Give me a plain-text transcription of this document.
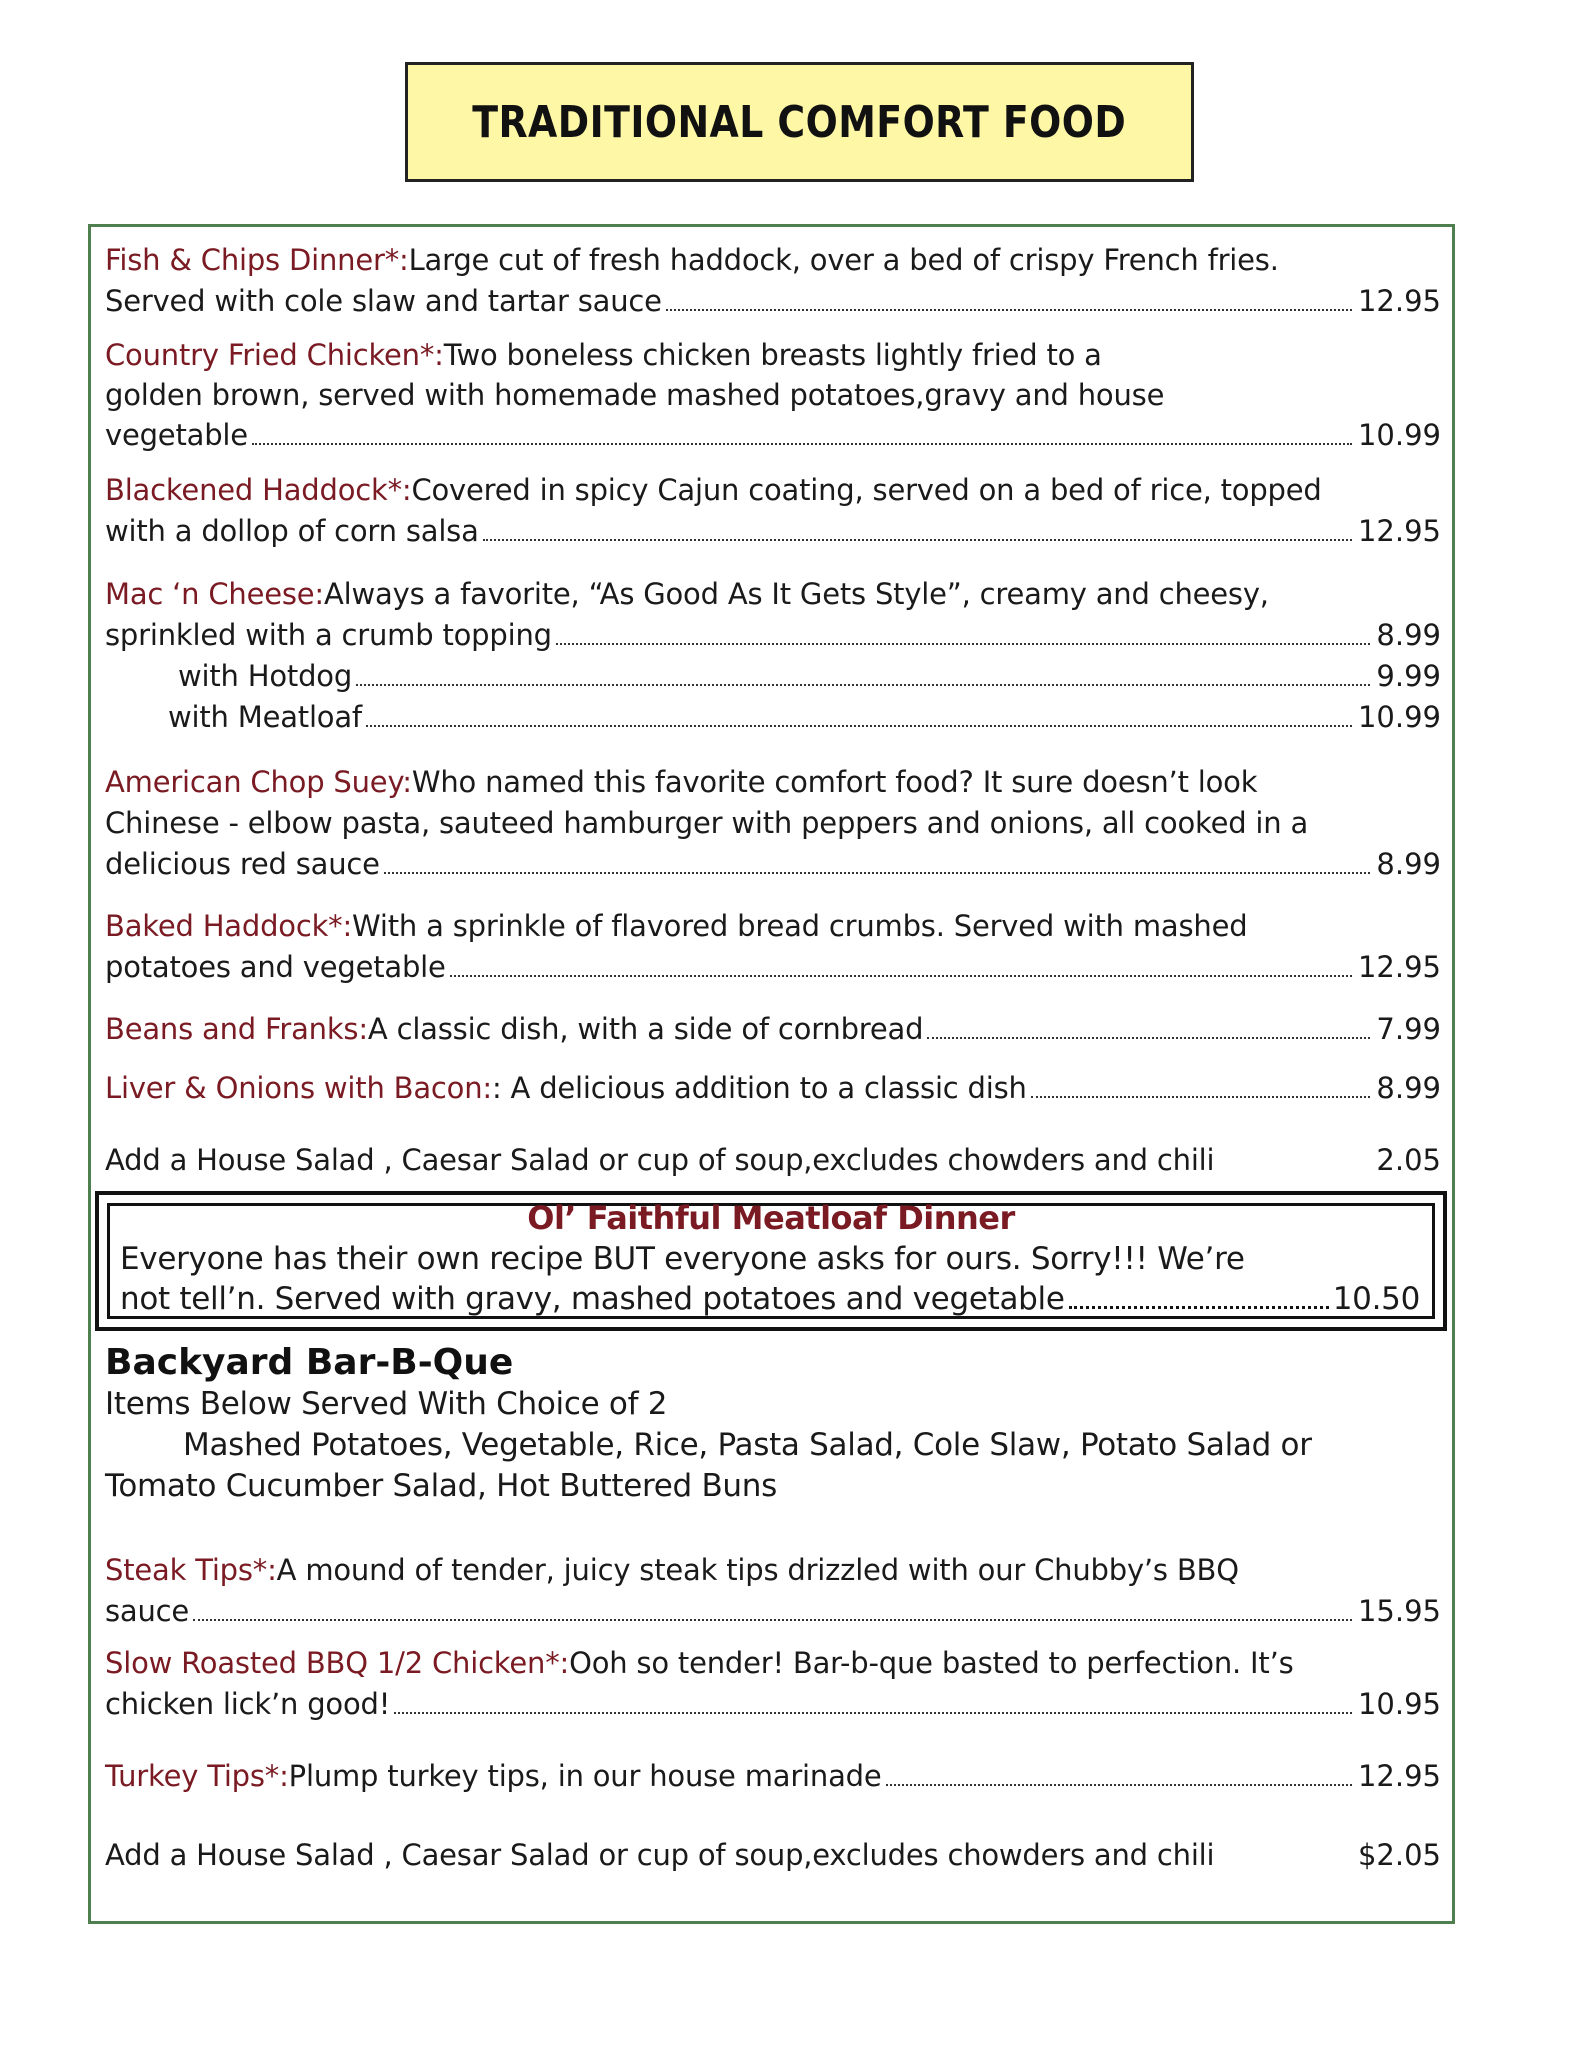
TRADITIONAL COMFORT FOOD
Fish & Chips Dinner*: Large cut of fresh haddock, over a bed of crispy French fries.
Served with cole slaw and tartar sauce	12.95
Country Fried Chicken*: Two boneless chicken breasts lightly fried to a
golden brown, served with homemade mashed potatoes,gravy and house
vegetable	10.99
Blackened Haddock*: Covered in spicy Cajun coating, served on a bed of rice, topped
with a dollop of corn salsa	12.95
Mac ‘n Cheese: Always a favorite, “As Good As It Gets Style”, creamy and cheesy,
sprinkled with a crumb topping	8.99
with Hotdog	9.99
with Meatloaf	10.99
American Chop Suey: Who named this favorite comfort food? It sure doesn’t look
Chinese - elbow pasta, sauteed hamburger with peppers and onions, all cooked in a
delicious red sauce	8.99
Baked Haddock*: With a sprinkle of flavored bread crumbs. Served with mashed
potatoes and vegetable	12.95
Beans and Franks: A classic dish, with a side of cornbread	7.99
Liver & Onions with Bacon: : A delicious addition to a classic dish	8.99
Add a House Salad , Caesar Salad or cup of soup,excludes chowders and chili	2.05
Ol’ Faithful Meatloaf Dinner
Everyone has their own recipe BUT everyone asks for ours. Sorry!!! We’re
not tell’n. Served with gravy, mashed potatoes and vegetable	10.50
Backyard Bar-B-Que
Items Below Served With Choice of 2
Mashed Potatoes, Vegetable, Rice, Pasta Salad, Cole Slaw, Potato Salad or
Tomato Cucumber Salad, Hot Buttered Buns
Steak Tips*: A mound of tender, juicy steak tips drizzled with our Chubby’s BBQ
sauce	15.95
Slow Roasted BBQ 1/2 Chicken*: Ooh so tender! Bar-b-que basted to perfection. It’s
chicken lick’n good!	10.95
Turkey Tips*: Plump turkey tips, in our house marinade	12.95
Add a House Salad , Caesar Salad or cup of soup,excludes chowders and chili	$2.05
